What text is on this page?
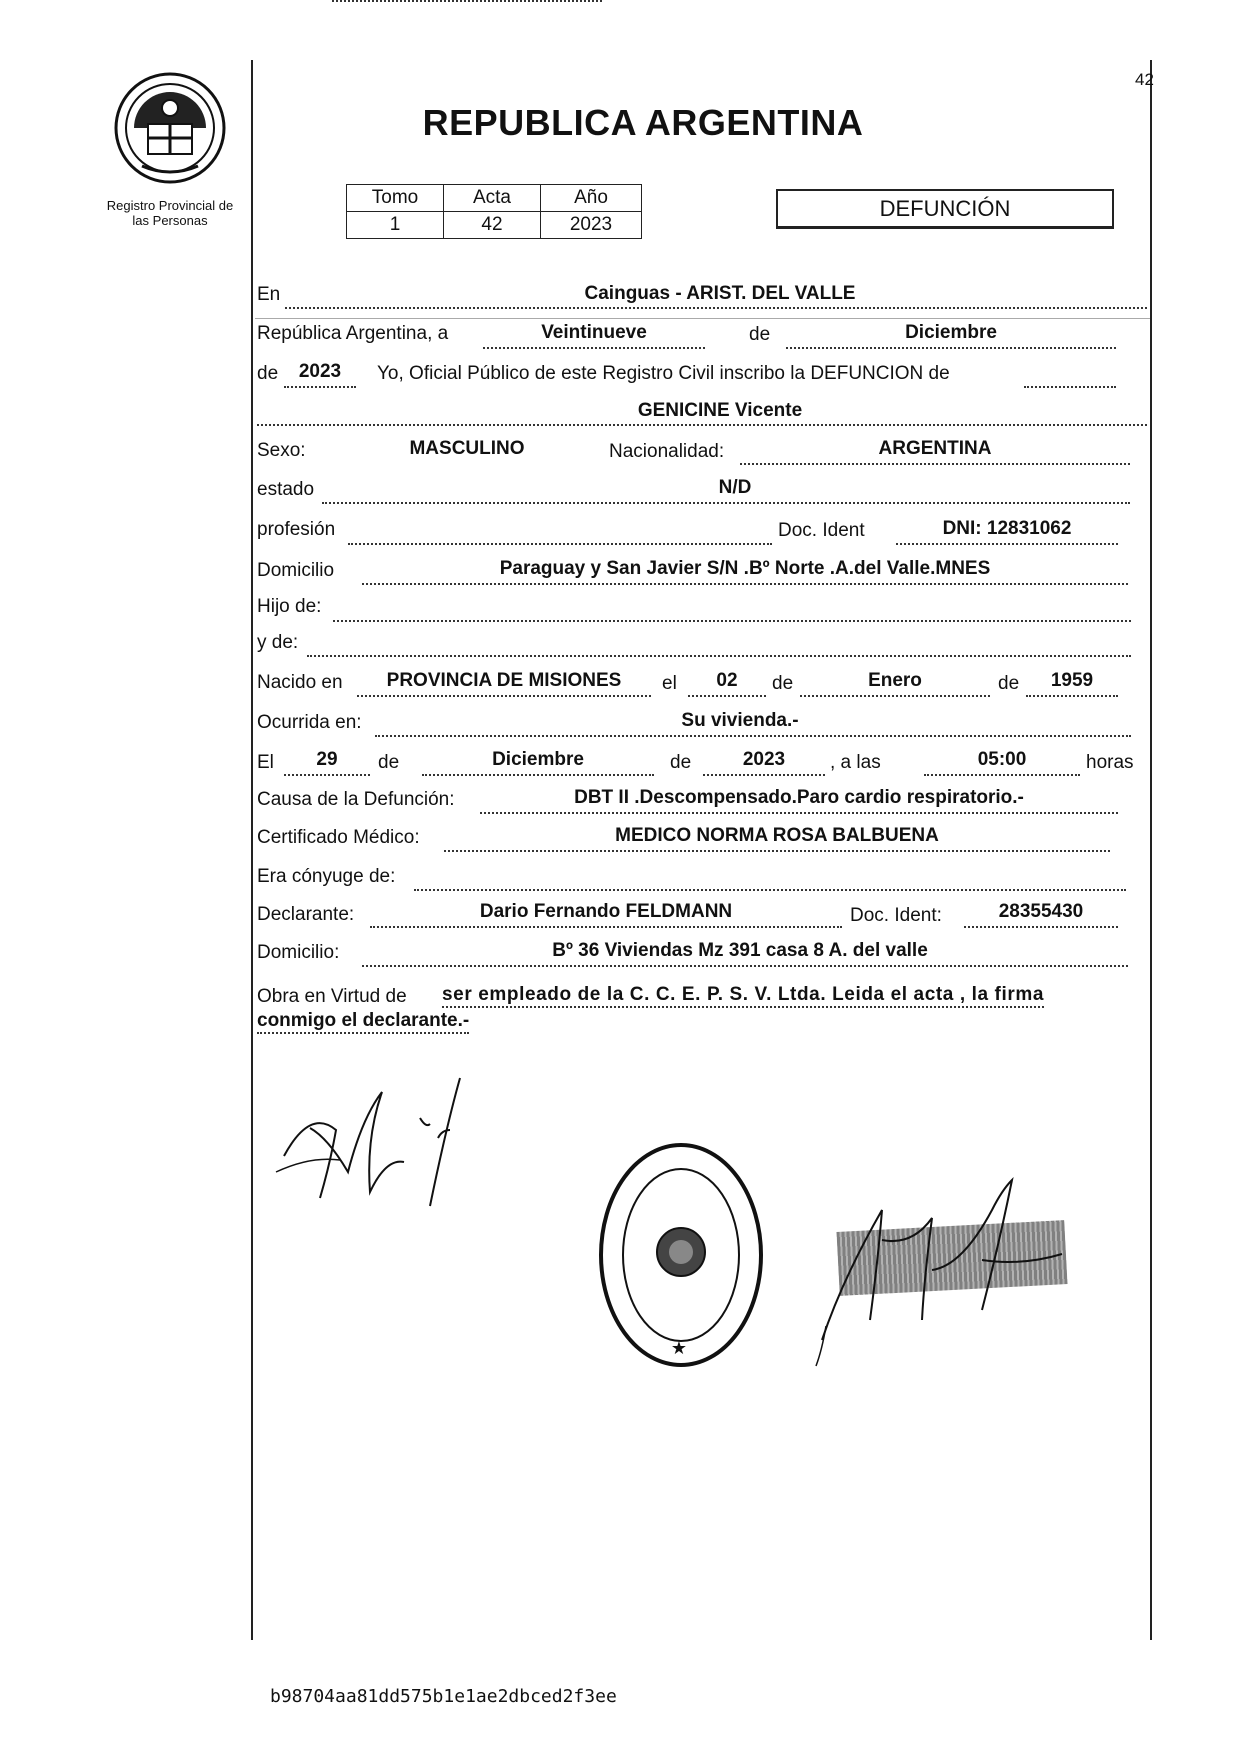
42
Registro Provincial de
las Personas
REPUBLICA ARGENTINA
Tomo	Acta	Año
1	42	2023
DEFUNCIÓN
En	Cainguas - ARIST. DEL VALLE
República Argentina, a	Veintinueve	de	Diciembre
de	2023	Yo, Oficial Público de este Registro Civil inscribo la DEFUNCION de
GENICINE Vicente
Sexo:	MASCULINO	Nacionalidad:	ARGENTINA
estado	N/D
profesión	Doc. Ident	DNI: 12831062
Domicilio	Paraguay y San Javier S/N .Bº Norte .A.del Valle.MNES
Hijo de:
y de:
Nacido en	PROVINCIA DE MISIONES	el	02	de	Enero	de	1959
Ocurrida en:	Su vivienda.-
El	29	de	Diciembre	de	2023	, a las	05:00	horas
Causa de la Defunción:	DBT II .Descompensado.Paro cardio respiratorio.-
Certificado Médico:	MEDICO NORMA ROSA BALBUENA
Era cónyuge de:
Declarante:	Dario Fernando FELDMANN	Doc. Ident:	28355430
Domicilio:	Bº 36 Viviendas Mz 391 casa 8 A. del valle
Obra en Virtud de ser empleado de la C. C. E. P. S. V. Ltda. Leida el acta , la firma
conmigo el declarante.-
★
b98704aa81dd575b1e1ae2dbced2f3ee
